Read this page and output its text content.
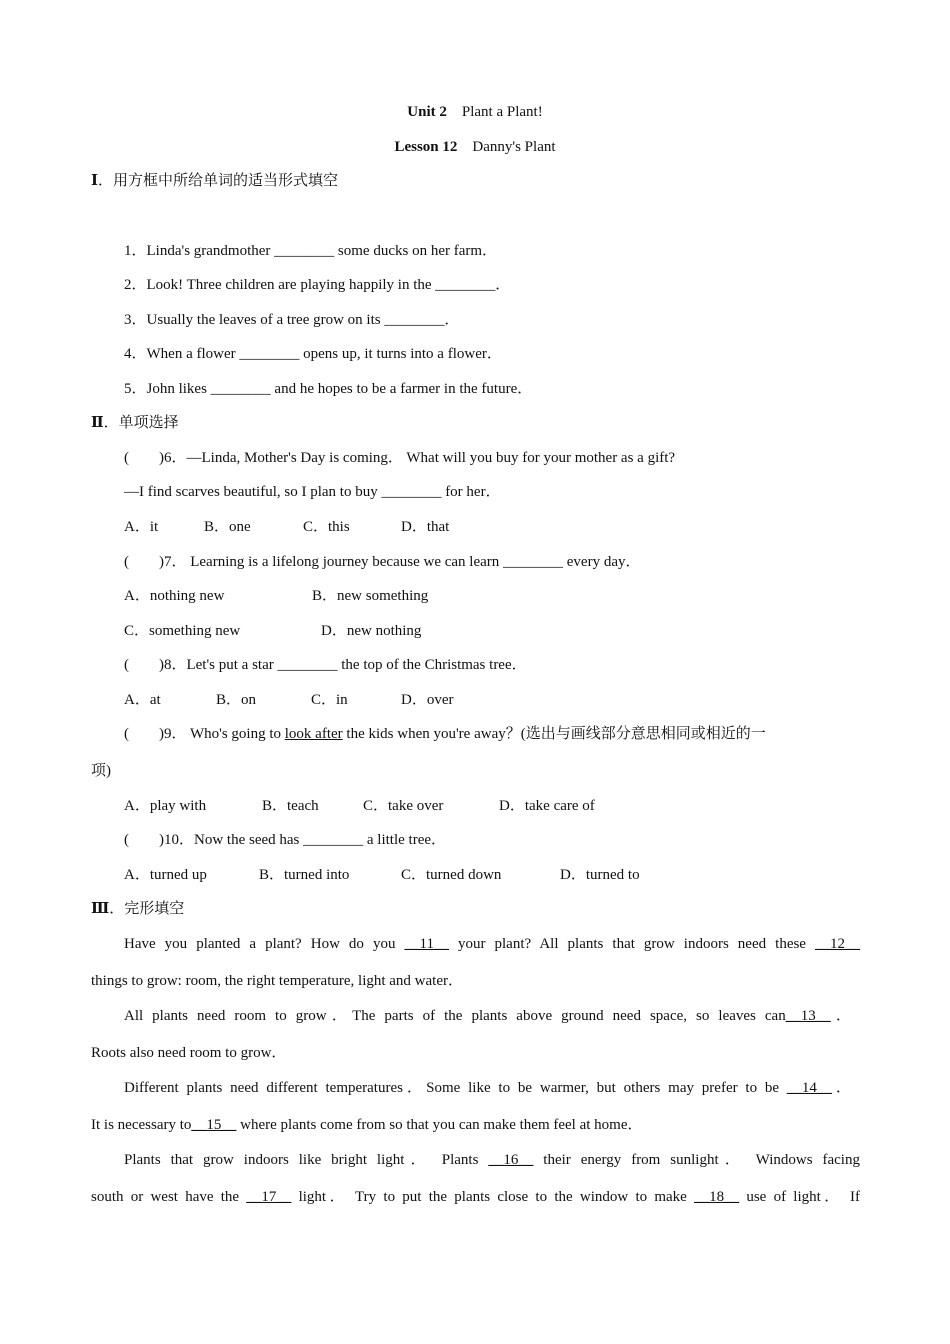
Unit 2 Plant a Plant!
Lesson 12 Danny's Plant
Ⅰ．用方框中所给单词的适当形式填空
1．Linda's grandmother ________ some ducks on her farm．
2．Look! Three children are playing happily in the ________．
3．Usually the leaves of a tree grow on its ________．
4．When a flower ________ opens up, it turns into a flower．
5．John likes ________ and he hopes to be a farmer in the future．
Ⅱ．单项选择
(　　)6．—Linda, Mother's Day is coming． What will you buy for your mother as a gift?
—I find scarves beautiful, so I plan to buy ________ for her．
A．it	B．one	C．this	D．that
(　　)7． Learning is a lifelong journey because we can learn ________ every day．
A．nothing new	B．new something
C．something new	D．new nothing
(　　)8．Let's put a star ________ the top of the Christmas tree．
A．at	B．on	C．in	D．over
(　　)9． Who's going to look after the kids when you're away？(选出与画线部分意思相同或相近的一
项)
A．play with	B．teach	C．take over	D．take care of
(　　)10．Now the seed has ________ a little tree．
A．turned up	B．turned into	C．turned down	D．turned to
Ⅲ．完形填空
Have you planted a plant? How do you __11__ your plant? All plants that grow indoors need these __12__
things to grow: room, the right temperature, light and water．
All plants need room to grow．The parts of the plants above ground need space, so leaves can__13__．
Roots also need room to grow．
Different plants need different temperatures．Some like to be warmer, but others may prefer to be __14__．
It is necessary to__15__ where plants come from so that you can make them feel at home．
Plants that grow indoors like bright light． Plants __16__ their energy from sunlight． Windows facing
south or west have the __17__ light． Try to put the plants close to the window to make __18__ use of light． If
